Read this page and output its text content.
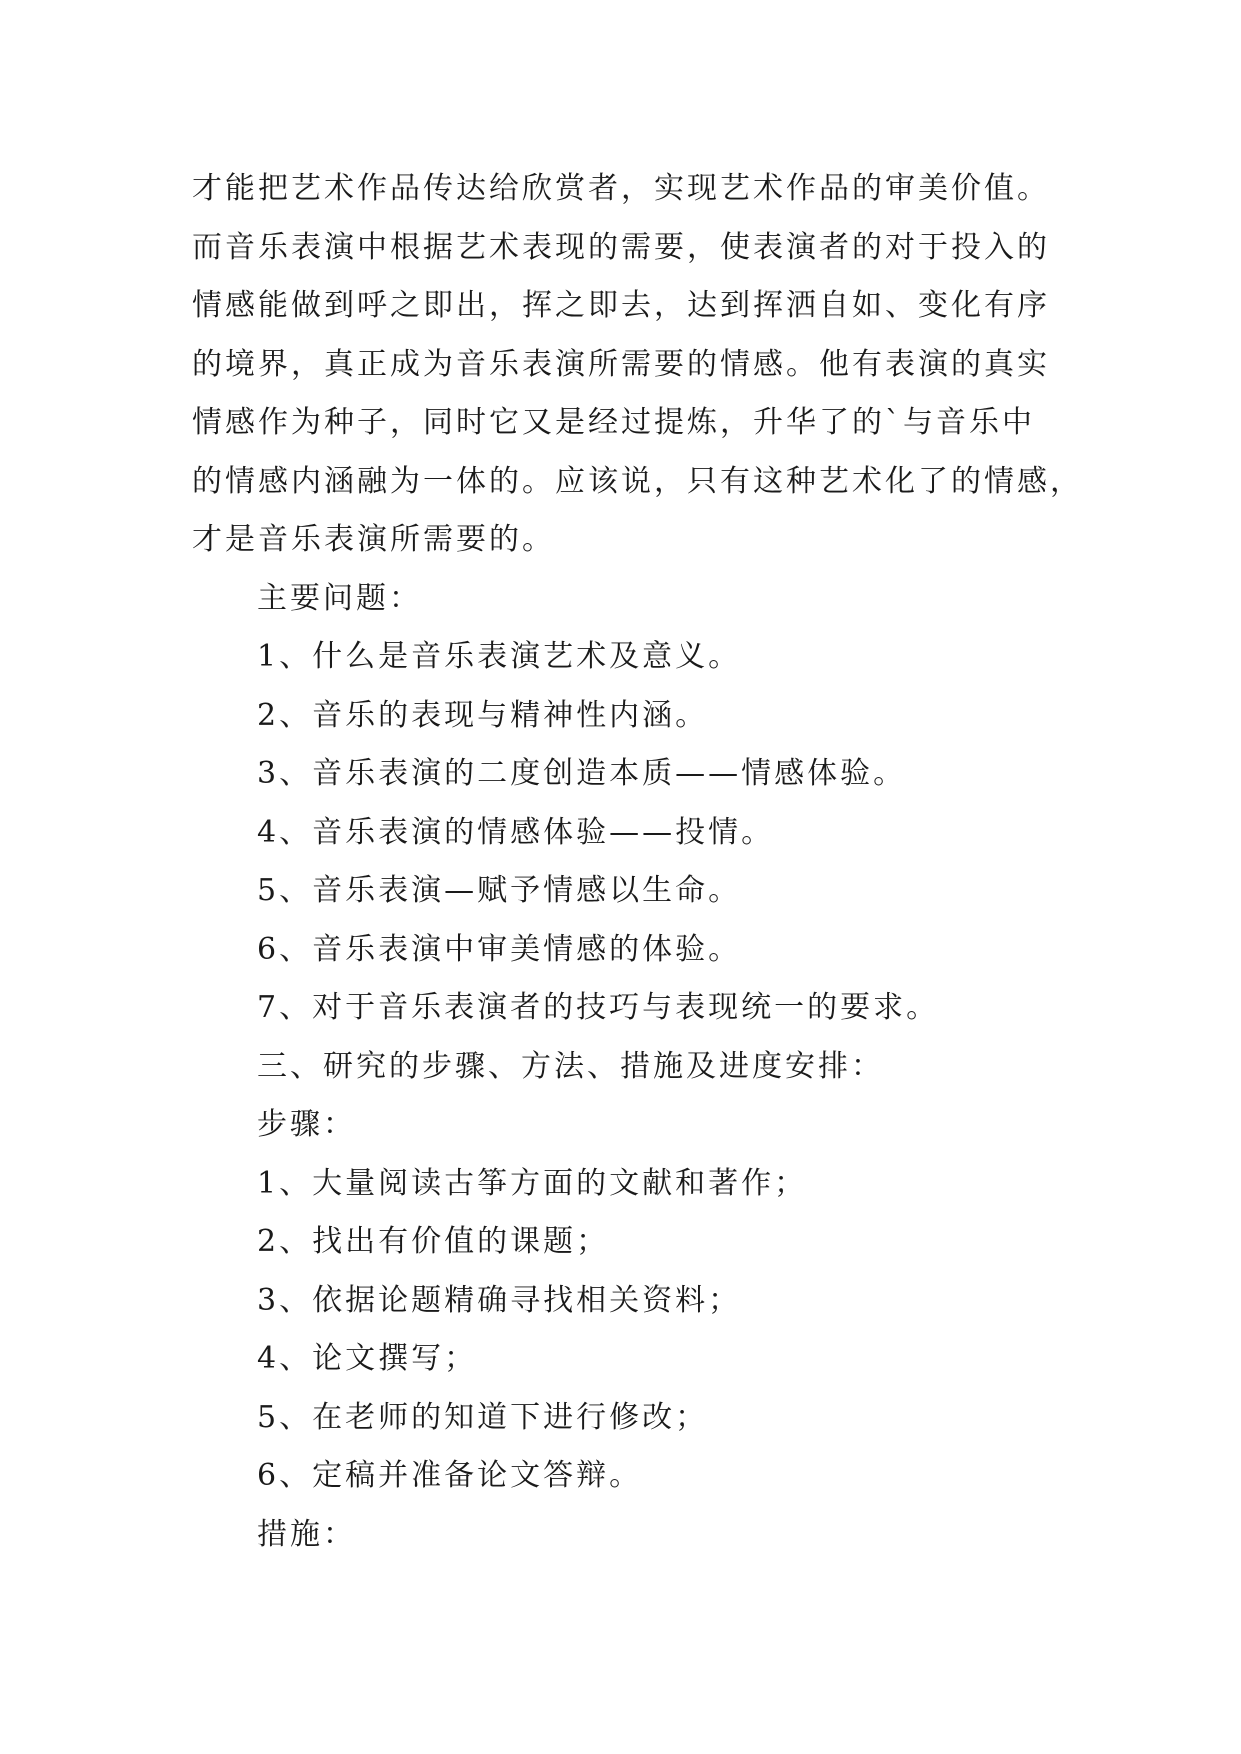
才能把艺术作品传达给欣赏者，实现艺术作品的审美价值。

而音乐表演中根据艺术表现的需要，使表演者的对于投入的

情感能做到呼之即出，挥之即去，达到挥洒自如、变化有序

的境界，真正成为音乐表演所需要的情感。他有表演的真实

情感作为种子，同时它又是经过提炼，升华了的`与音乐中

的情感内涵融为一体的。应该说，只有这种艺术化了的情感，

才是音乐表演所需要的。

主要问题：

1、什么是音乐表演艺术及意义。

2、音乐的表现与精神性内涵。

3、音乐表演的二度创造本质——情感体验。

4、音乐表演的情感体验——投情。

5、音乐表演—赋予情感以生命。

6、音乐表演中审美情感的体验。

7、对于音乐表演者的技巧与表现统一的要求。

三、研究的步骤、方法、措施及进度安排：

步骤：

1、大量阅读古筝方面的文献和著作；

2、找出有价值的课题；

3、依据论题精确寻找相关资料；

4、论文撰写；

5、在老师的知道下进行修改；

6、定稿并准备论文答辩。

措施：
